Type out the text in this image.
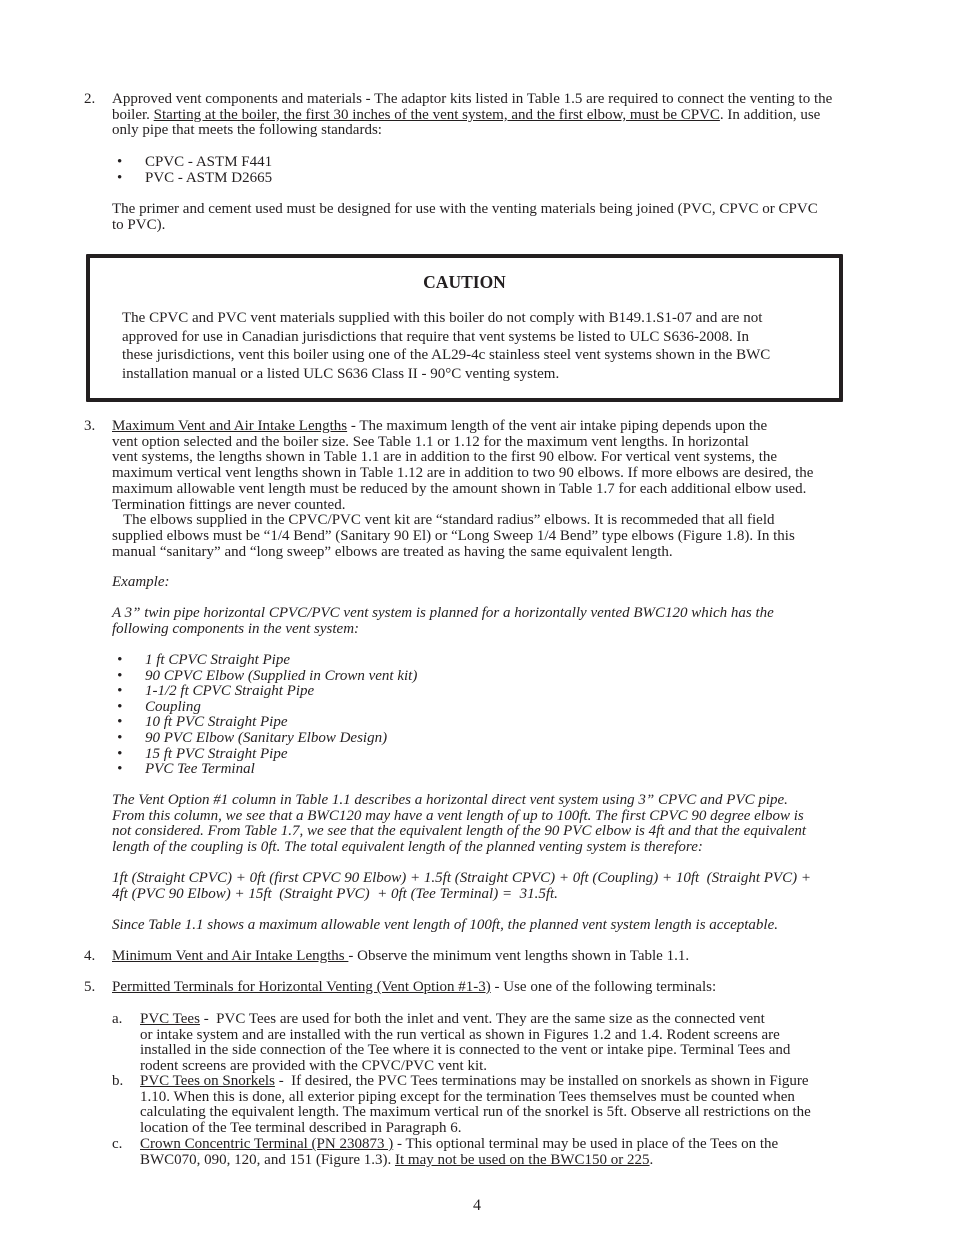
2. Approved vent components and materials - The adaptor kits listed in Table 1.5 are required to connect the venting to the boiler. Starting at the boiler, the first 30 inches of the vent system, and the first elbow, must be CPVC. In addition, use only pipe that meets the following standards:
• CPVC - ASTM F441
• PVC - ASTM D2665
The primer and cement used must be designed for use with the venting materials being joined (PVC, CPVC or CPVC to PVC).
CAUTION
The CPVC and PVC vent materials supplied with this boiler do not comply with B149.1.S1-07 and are not
approved for use in Canadian jurisdictions that require that vent systems be listed to ULC S636-2008. In
these jurisdictions, vent this boiler using one of the AL29-4c stainless steel vent systems shown in the BWC
installation manual or a listed ULC S636 Class II - 90°C venting system.
3. Maximum Vent and Air Intake Lengths - The maximum length of the vent air intake piping depends upon the
vent option selected and the boiler size. See Table 1.1 or 1.12 for the maximum vent lengths. In horizontal
vent systems, the lengths shown in Table 1.1 are in addition to the first 90 elbow. For vertical vent systems, the
maximum vertical vent lengths shown in Table 1.12 are in addition to two 90 elbows. If more elbows are desired, the
maximum allowable vent length must be reduced by the amount shown in Table 1.7 for each additional elbow used.
Termination fittings are never counted.
The elbows supplied in the CPVC/PVC vent kit are “standard radius” elbows. It is recommeded that all field
supplied elbows must be “1/4 Bend” (Sanitary 90 El) or “Long Sweep 1/4 Bend” type elbows (Figure 1.8). In this
manual “sanitary” and “long sweep” elbows are treated as having the same equivalent length.
Example:
A 3” twin pipe horizontal CPVC/PVC vent system is planned for a horizontally vented BWC120 which has the
following components in the vent system:
• 1 ft CPVC Straight Pipe
• 90 CPVC Elbow (Supplied in Crown vent kit)
• 1-1/2 ft CPVC Straight Pipe
• Coupling
• 10 ft PVC Straight Pipe
• 90 PVC Elbow (Sanitary Elbow Design)
• 15 ft PVC Straight Pipe
• PVC Tee Terminal
The Vent Option #1 column in Table 1.1 describes a horizontal direct vent system using 3” CPVC and PVC pipe.
From this column, we see that a BWC120 may have a vent length of up to 100ft. The first CPVC 90 degree elbow is
not considered. From Table 1.7, we see that the equivalent length of the 90 PVC elbow is 4ft and that the equivalent
length of the coupling is 0ft. The total equivalent length of the planned venting system is therefore:
1ft (Straight CPVC) + 0ft (first CPVC 90 Elbow) + 1.5ft (Straight CPVC) + 0ft (Coupling) + 10ft  (Straight PVC) +
4ft (PVC 90 Elbow) + 15ft  (Straight PVC)  + 0ft (Tee Terminal) =  31.5ft.
Since Table 1.1 shows a maximum allowable vent length of 100ft, the planned vent system length is acceptable.
4. Minimum Vent and Air Intake Lengths - Observe the minimum vent lengths shown in Table 1.1.
5. Permitted Terminals for Horizontal Venting (Vent Option #1-3) - Use one of the following terminals:
a. PVC Tees -  PVC Tees are used for both the inlet and vent. They are the same size as the connected vent
or intake system and are installed with the run vertical as shown in Figures 1.2 and 1.4. Rodent screens are
installed in the side connection of the Tee where it is connected to the vent or intake pipe. Terminal Tees and
rodent screens are provided with the CPVC/PVC vent kit.
b. PVC Tees on Snorkels -  If desired, the PVC Tees terminations may be installed on snorkels as shown in Figure
1.10. When this is done, all exterior piping except for the termination Tees themselves must be counted when
calculating the equivalent length. The maximum vertical run of the snorkel is 5ft. Observe all restrictions on the
location of the Tee terminal described in Paragraph 6.
c. Crown Concentric Terminal (PN 230873 ) - This optional terminal may be used in place of the Tees on the
BWC070, 090, 120, and 151 (Figure 1.3). It may not be used on the BWC150 or 225.
4
